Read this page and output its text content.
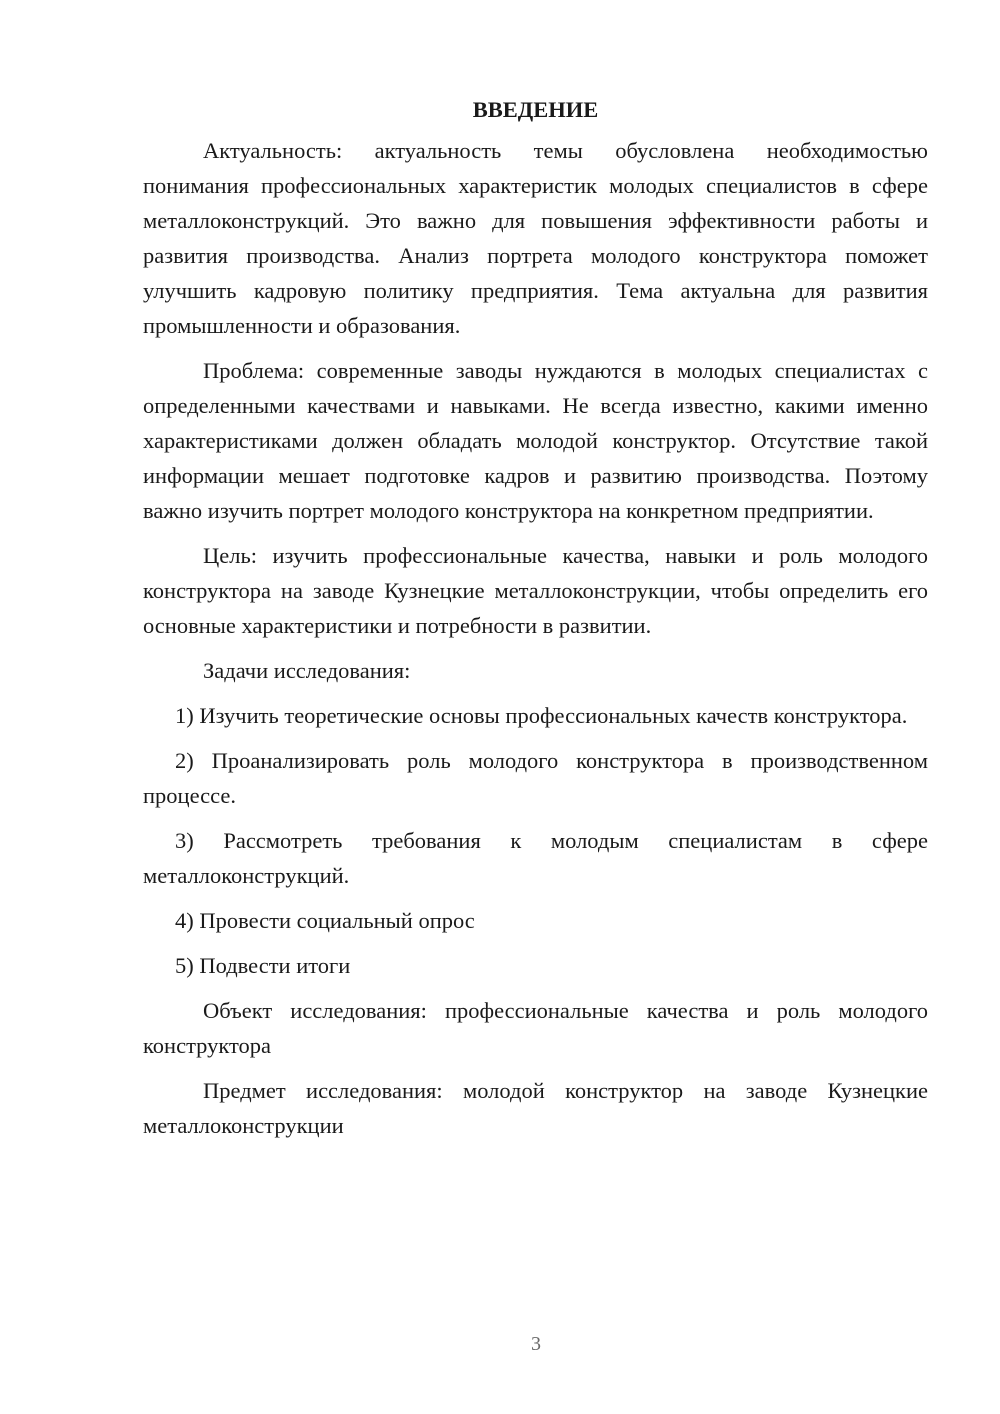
ВВЕДЕНИЕ

Актуальность: актуальность темы обусловлена необходимостью понимания профессиональных характеристик молодых специалистов в сфере металлоконструкций. Это важно для повышения эффективности работы и развития производства. Анализ портрета молодого конструктора поможет улучшить кадровую политику предприятия. Тема актуальна для развития промышленности и образования.

Проблема: современные заводы нуждаются в молодых специалистах с определенными качествами и навыками. Не всегда известно, какими именно характеристиками должен обладать молодой конструктор. Отсутствие такой информации мешает подготовке кадров и развитию производства. Поэтому важно изучить портрет молодого конструктора на конкретном предприятии.

Цель: изучить профессиональные качества, навыки и роль молодого конструктора на заводе Кузнецкие металлоконструкции, чтобы определить его основные характеристики и потребности в развитии.

Задачи исследования:

1) Изучить теоретические основы профессиональных качеств конструктора.

2) Проанализировать роль молодого конструктора в производственном процессе.

3) Рассмотреть требования к молодым специалистам в сфере металлоконструкций.

4) Провести социальный опрос

5) Подвести итоги

Объект исследования: профессиональные качества и роль молодого конструктора

Предмет исследования: молодой конструктор на заводе Кузнецкие металлоконструкции

3
